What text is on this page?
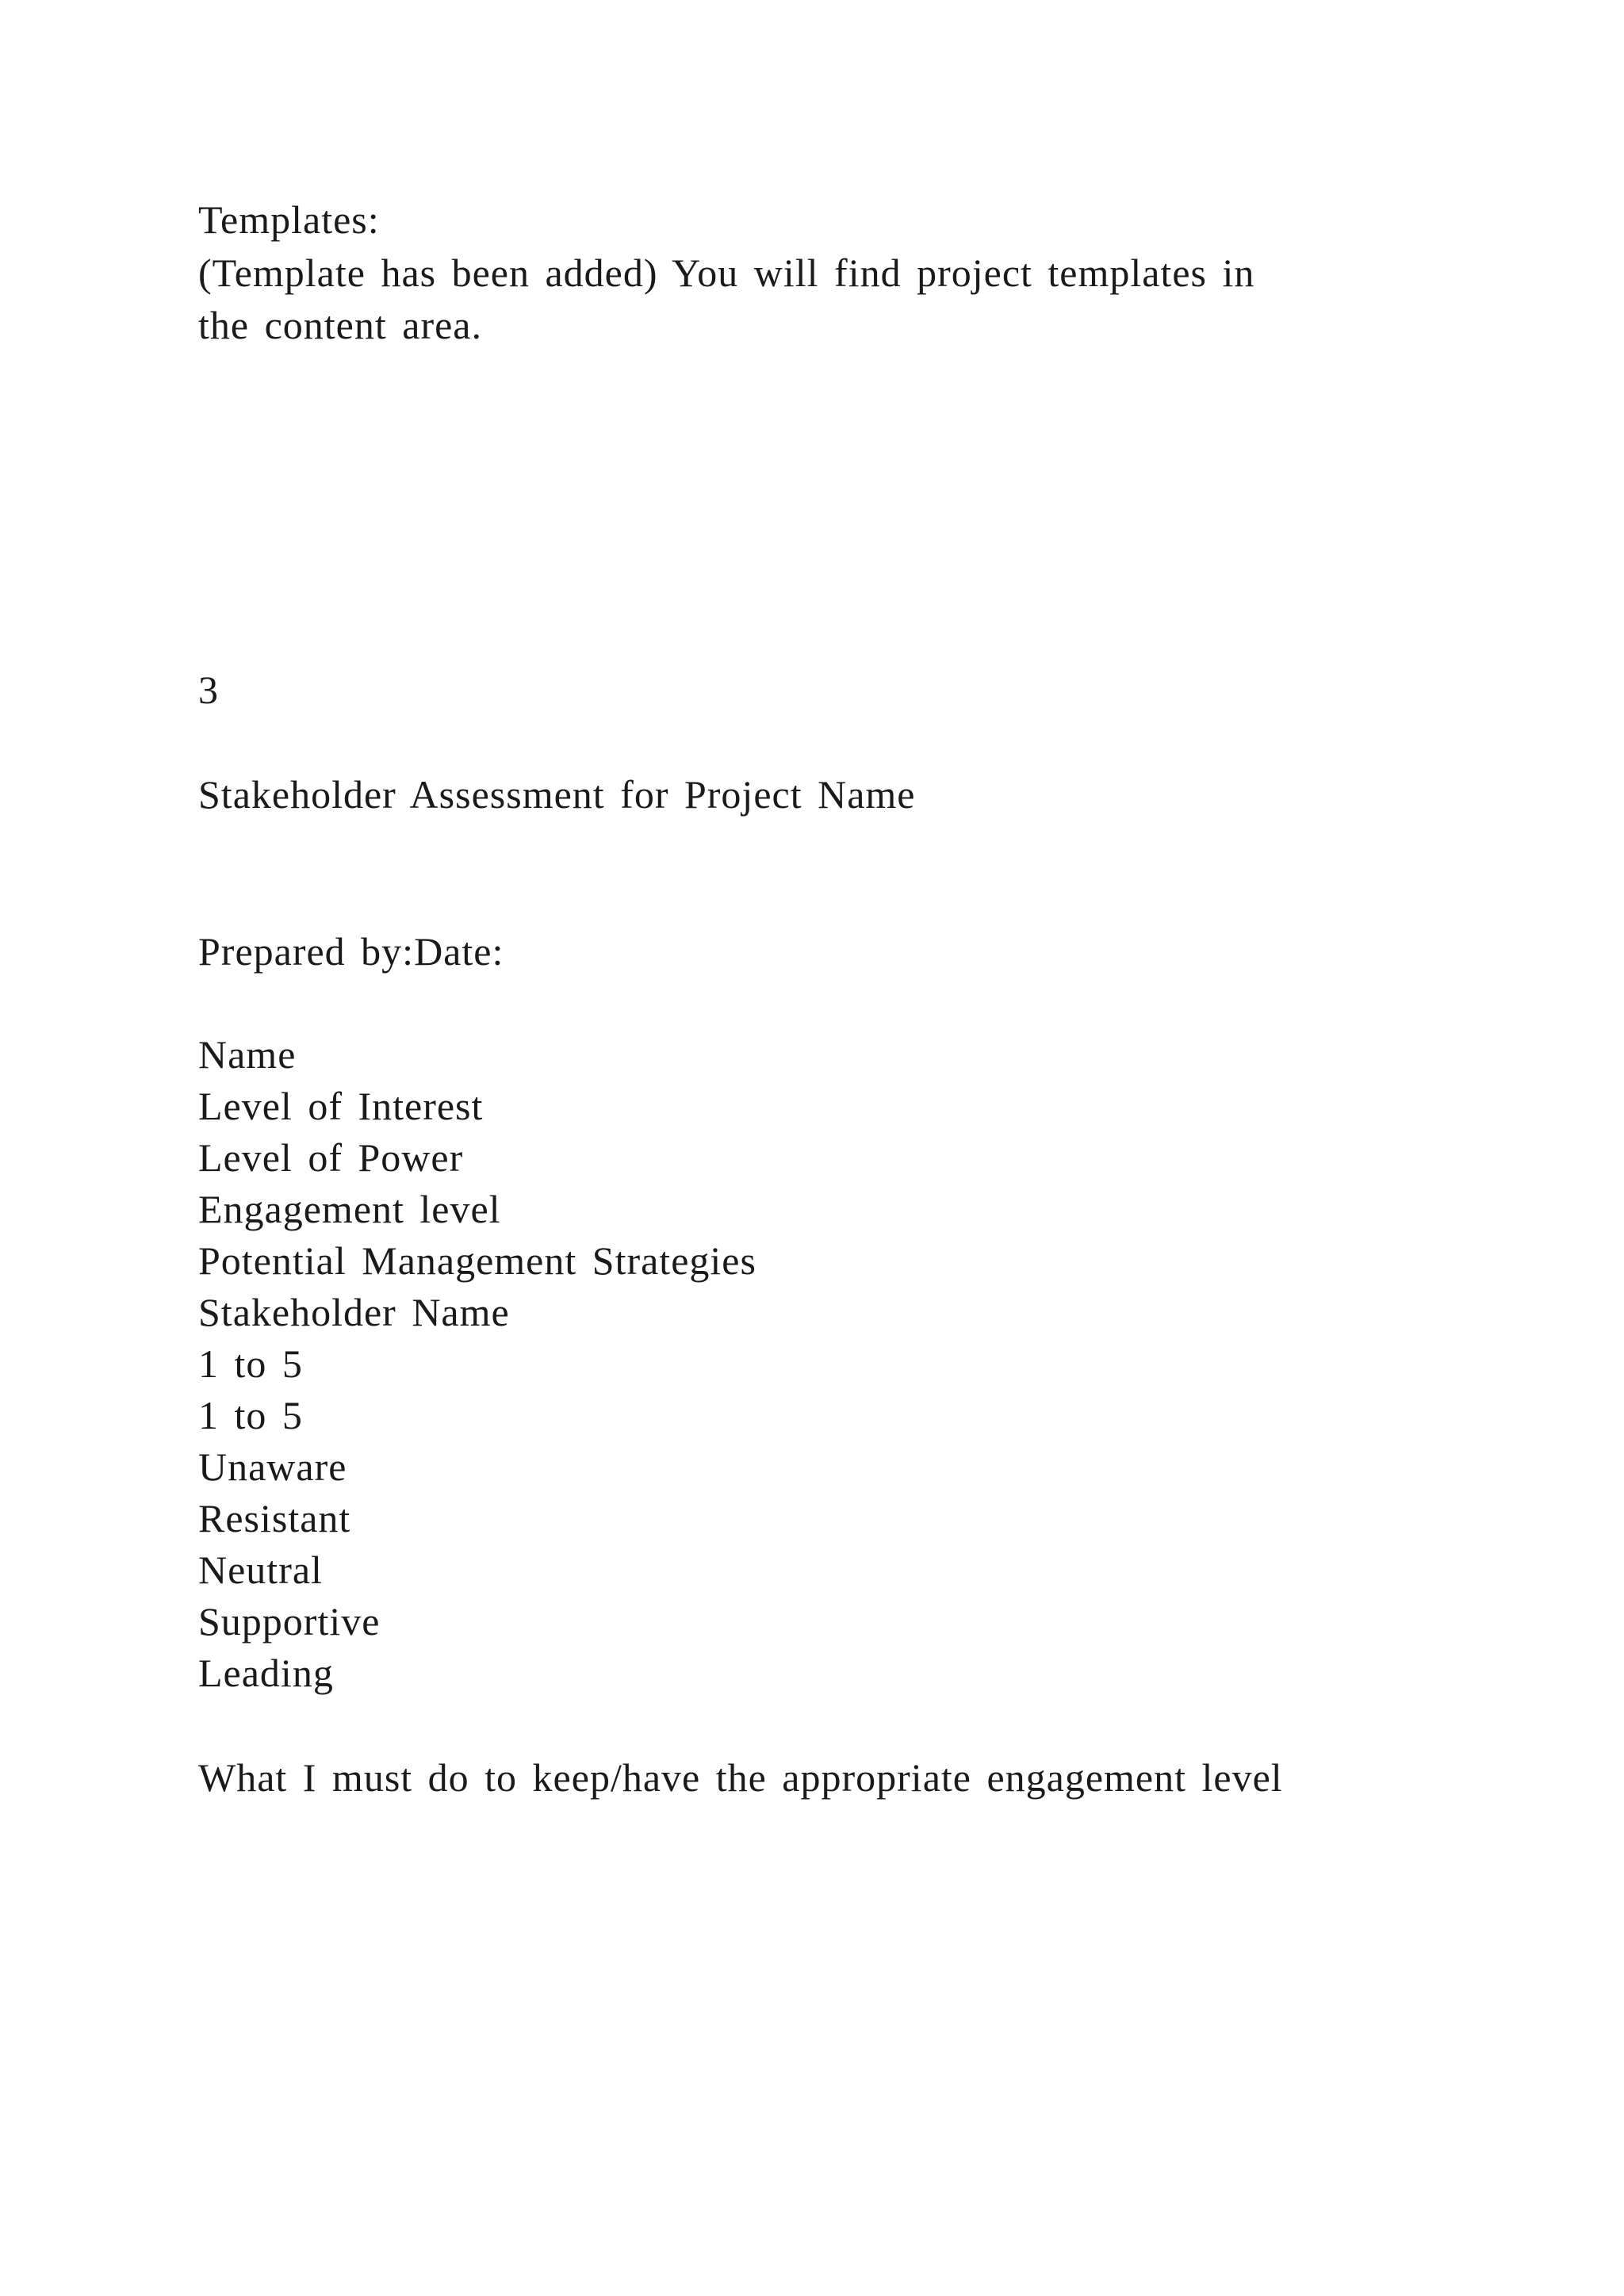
Templates:
(Template has been added) You will find project templates in
the content area.
3
Stakeholder Assessment for Project Name
Prepared by:Date:
Name
Level of Interest
Level of Power
Engagement level
Potential Management Strategies
Stakeholder Name
1 to 5
1 to 5
Unaware
Resistant
Neutral
Supportive
Leading
What I must do to keep/have the appropriate engagement level
